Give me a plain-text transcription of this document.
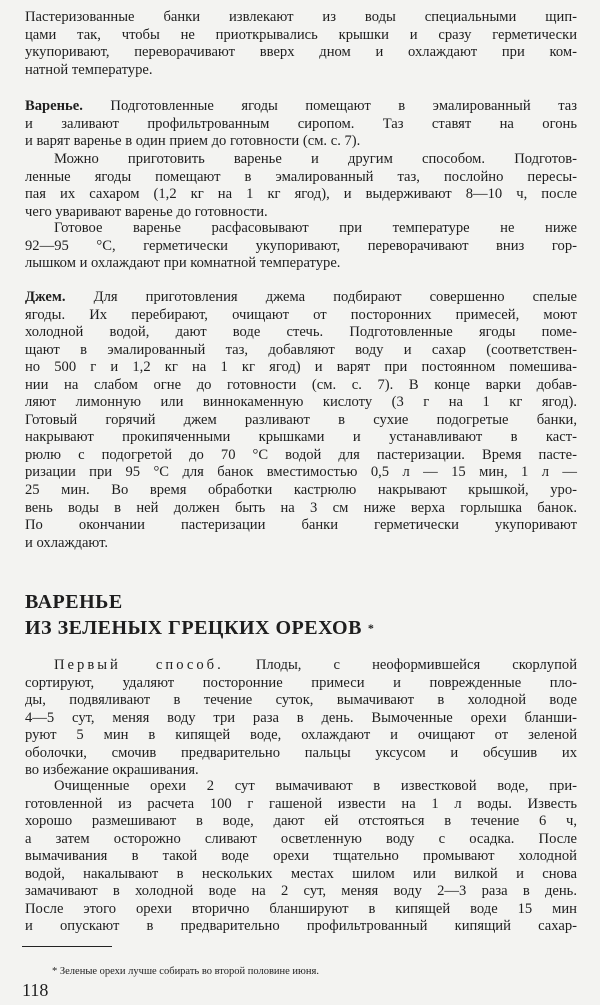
Пастеризованные банки извлекают из воды специальными щип-
цами так, чтобы не приоткрывались крышки и сразу герметически
укупоривают, переворачивают вверх дном и охлаждают при ком-
натной температуре.
Варенье. Подготовленные ягоды помещают в эмалированный таз
и заливают профильтрованным сиропом. Таз ставят на огонь
и варят варенье в один прием до готовности (см. с. 7).
Можно приготовить варенье и другим способом. Подготов-
ленные ягоды помещают в эмалированный таз, послойно пересы-
пая их сахаром (1,2 кг на 1 кг ягод), и выдерживают 8—10 ч, после
чего уваривают варенье до готовности.
Готовое варенье расфасовывают при температуре не ниже
92—95 °С, герметически укупоривают, переворачивают вниз гор-
лышком и охлаждают при комнатной температуре.
Джем. Для приготовления джема подбирают совершенно спелые
ягоды. Их перебирают, очищают от посторонних примесей, моют
холодной водой, дают воде стечь. Подготовленные ягоды поме-
щают в эмалированный таз, добавляют воду и сахар (соответствен-
но 500 г и 1,2 кг на 1 кг ягод) и варят при постоянном помешива-
нии на слабом огне до готовности (см. с. 7). В конце варки добав-
ляют лимонную или виннокаменную кислоту (3 г на 1 кг ягод).
Готовый горячий джем разливают в сухие подогретые банки,
накрывают прокипяченными крышками и устанавливают в каст-
рюлю с подогретой до 70 °С водой для пастеризации. Время пасте-
ризации при 95 °С для банок вместимостью 0,5 л — 15 мин, 1 л —
25 мин. Во время обработки кастрюлю накрывают крышкой, уро-
вень воды в ней должен быть на 3 см ниже верха горлышка банок.
По окончании пастеризации банки герметически укупоривают
и охлаждают.
Первый способ. Плоды, с неоформившейся скорлупой
сортируют, удаляют посторонние примеси и поврежденные пло-
ды, подвяливают в течение суток, вымачивают в холодной воде
4—5 сут, меняя воду три раза в день. Вымоченные орехи бланши-
руют 5 мин в кипящей воде, охлаждают и очищают от зеленой
оболочки, смочив предварительно пальцы уксусом и обсушив их
во избежание окрашивания.
Очищенные орехи 2 сут вымачивают в известковой воде, при-
готовленной из расчета 100 г гашеной извести на 1 л воды. Известь
хорошо размешивают в воде, дают ей отстояться в течение 6 ч,
а затем осторожно сливают осветленную воду с осадка. После
вымачивания в такой воде орехи тщательно промывают холодной
водой, накалывают в нескольких местах шилом или вилкой и снова
замачивают в холодной воде на 2 сут, меняя воду 2—3 раза в день.
После этого орехи вторично бланшируют в кипящей воде 15 мин
и опускают в предварительно профильтрованный кипящий сахар-
ВАРЕНЬЕ
ИЗ ЗЕЛЕНЫХ ГРЕЦКИХ ОРЕХОВ *
* Зеленые орехи лучше собирать во второй половине июня.
118
